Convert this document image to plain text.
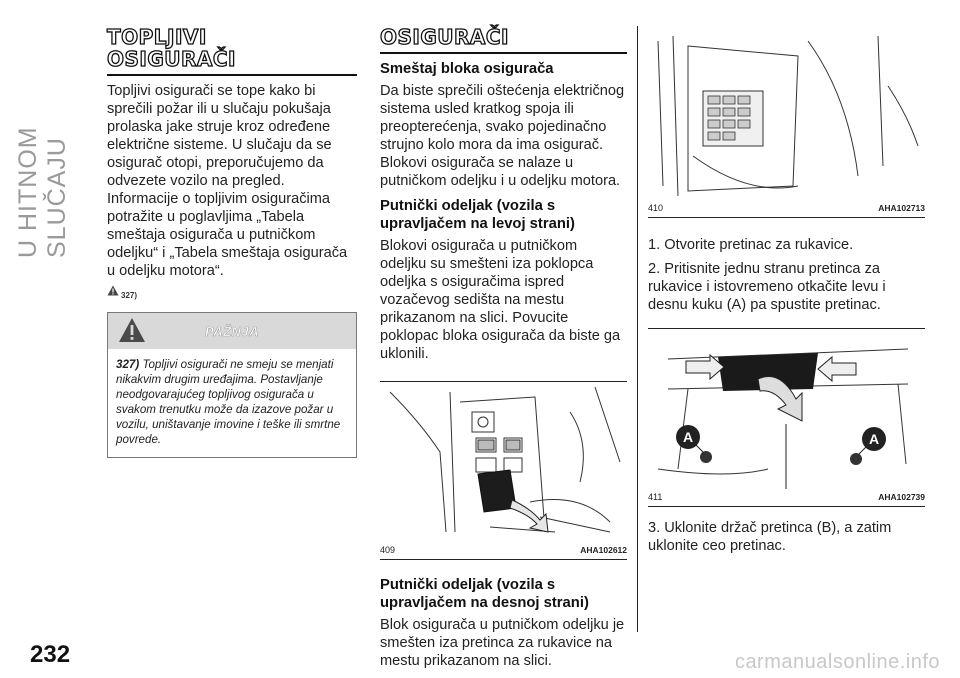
U HITNOM SLUČAJU
TOPLJIVI
OSIGURAČI

Topljivi osigurači se tope kako bi sprečili požar ili u slučaju pokušaja prolaska jake struje kroz određene električne sisteme. U slučaju da se osigurač otopi, preporučujemo da odvezete vozilo na pregled. Informacije o topljivim osiguračima potražite u poglavljima „Tabela smeštaja osigurača u putničkom odeljku“ i „Tabela smeštaja osigurača u odeljku motora“.

327)
PAŽNJA
327) Topljivi osigurači ne smeju se menjati nikakvim drugim uređajima. Postavljanje neodgovarajućeg topljivog osigurača u svakom trenutku može da izazove požar u vozilu, uništavanje imovine i teške ili smrtne povrede.
OSIGURAČI
Smeštaj bloka osigurača

Da biste sprečili oštećenja električnog sistema usled kratkog spoja ili preopterećenja, svako pojedinačno strujno kolo mora da ima osigurač. Blokovi osigurača se nalaze u putničkom odeljku i u odeljku motora.

Putnički odeljak (vozila s upravljačem na levoj strani)

Blokovi osigurača u putničkom odeljku su smešteni iza poklopca odeljka s osiguračima ispred vozačevog sedišta na mestu prikazanom na slici. Povucite poklopac bloka osigurača da biste ga uklonili.

409	AHA102612
Putnički odeljak (vozila s upravljačem na desnoj strani)

Blok osigurača u putničkom odeljku je smešten iza pretinca za rukavice na mestu prikazanom na slici.

410	AHA102713

1. Otvorite pretinac za rukavice.

2. Pritisnite jednu stranu pretinca za rukavice i istovremeno otkačite levu i desnu kuku (A) pa spustite pretinac.

A	A
411	AHA102739

3. Uklonite držač pretinca (B), a zatim uklonite ceo pretinac.

232	carmanualsonline.info
